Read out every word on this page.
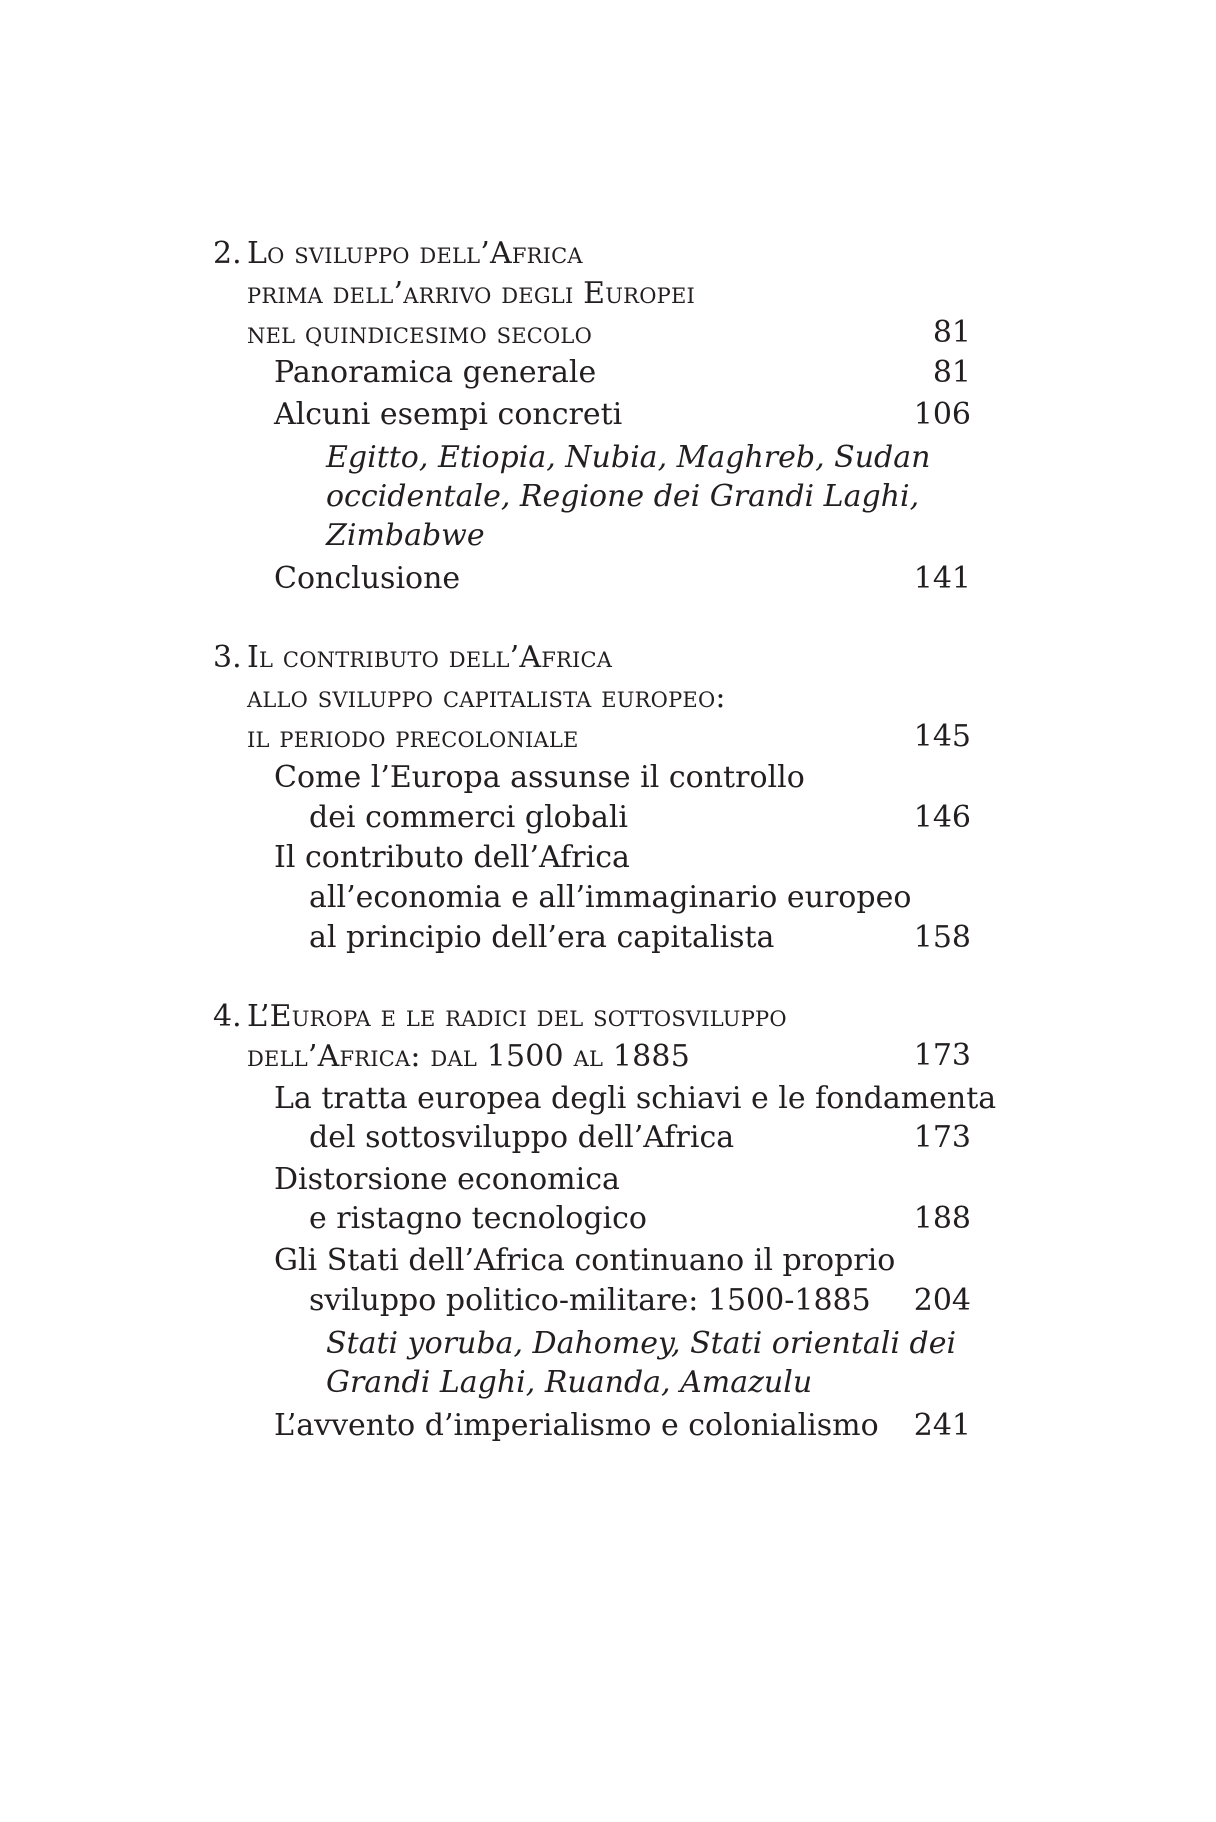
2. Lo sviluppo dell’Africa
prima dell’arrivo degli Europei
nel quindicesimo secolo	81
Panoramica generale	81
Alcuni esempi concreti	106
Egitto, Etiopia, Nubia, Maghreb, Sudan
occidentale, Regione dei Grandi Laghi,
Zimbabwe
Conclusione	141
3. Il contributo dell’Africa
allo sviluppo capitalista europeo:
il periodo precoloniale	145
Come l’Europa assunse il controllo
dei commerci globali	146
Il contributo dell’Africa
all’economia e all’immaginario europeo
al principio dell’era capitalista	158
4. L’Europa e le radici del sottosviluppo
dell’Africa: dal 1500 al 1885	173
La tratta europea degli schiavi e le fondamenta
del sottosviluppo dell’Africa	173
Distorsione economica
e ristagno tecnologico	188
Gli Stati dell’Africa continuano il proprio
sviluppo politico-militare: 1500-1885 204
Stati yoruba, Dahomey, Stati orientali dei
Grandi Laghi, Ruanda, Amazulu
L’avvento d’imperialismo e colonialismo 241
